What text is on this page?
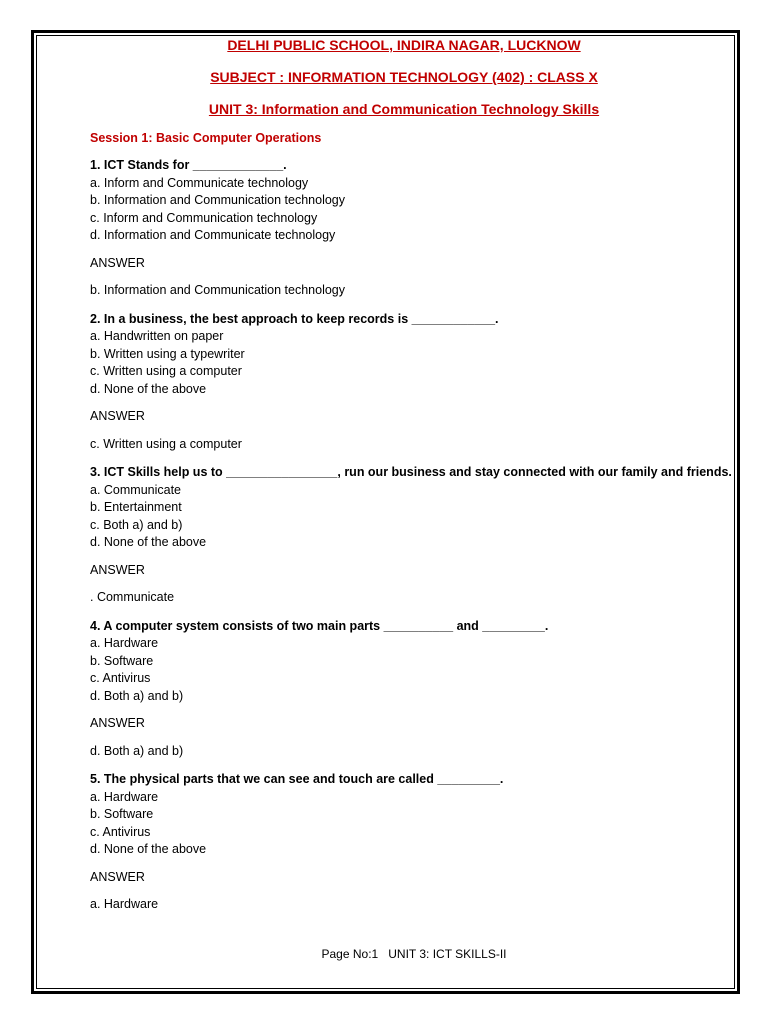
DELHI PUBLIC SCHOOL, INDIRA NAGAR, LUCKNOW
SUBJECT : INFORMATION TECHNOLOGY (402) : CLASS X
UNIT 3: Information and Communication Technology Skills
Session 1: Basic Computer Operations
1. ICT Stands for _____________.
a. Inform and Communicate technology
b. Information and Communication technology
c. Inform and Communication technology
d. Information and Communicate technology
ANSWER
b. Information and Communication technology
2. In a business, the best approach to keep records is ____________.
a. Handwritten on paper
b. Written using a typewriter
c. Written using a computer
d. None of the above
ANSWER
c. Written using a computer
3. ICT Skills help us to ________________, run our business and stay connected with our family and friends.
a. Communicate
b. Entertainment
c. Both a) and b)
d. None of the above
ANSWER
. Communicate
4. A computer system consists of two main parts __________ and _________.
a. Hardware
b. Software
c. Antivirus
d. Both a) and b)
ANSWER
d. Both a) and b)
5. The physical parts that we can see and touch are called _________.
a. Hardware
b. Software
c. Antivirus
d. None of the above
ANSWER
a. Hardware
Page No:1 UNIT 3: ICT SKILLS-II
